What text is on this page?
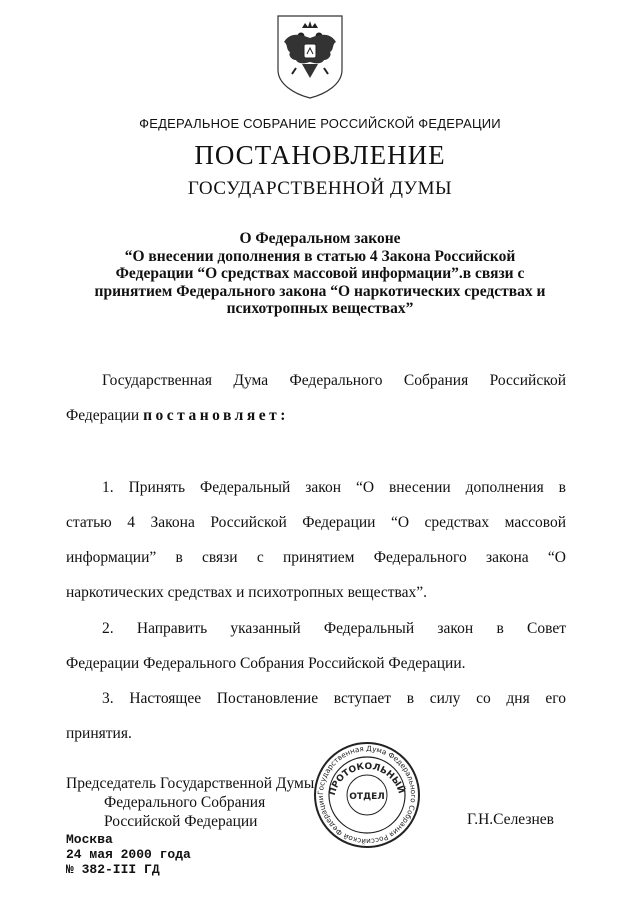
ФЕДЕРАЛЬНОЕ СОБРАНИЕ РОССИЙСКОЙ ФЕДЕРАЦИИ
ПОСТАНОВЛЕНИЕ
ГОСУДАРСТВЕННОЙ ДУМЫ
О Федеральном законе
“О внесении дополнения в статью 4 Закона Российской
Федерации “О средствах массовой информации”.в связи с
принятием Федерального закона “О наркотических средствах и
психотропных веществах”
Государственная Дума Федерального Собрания Российской
Федерации постановляет:
1. Принять Федеральный закон “О внесении дополнения в
статью 4 Закона Российской Федерации “О средствах массовой
информации” в связи с принятием Федерального закона “О
наркотических средствах и психотропных веществах”.
2. Направить указанный Федеральный закон в Совет
Федерации Федерального Собрания Российской Федерации.
3. Настоящее Постановление вступает в силу со дня его
принятия.
Председатель Государственной Думы
Федерального Собрания
Российской Федерации	Г.Н.Селезнев
Государственная Дума Федерального Собрания Российской Федерации
ПРОТОКОЛЬНЫЙ
ОТДЕЛ
Москва
24 мая 2000 года
№ 382-III ГД
